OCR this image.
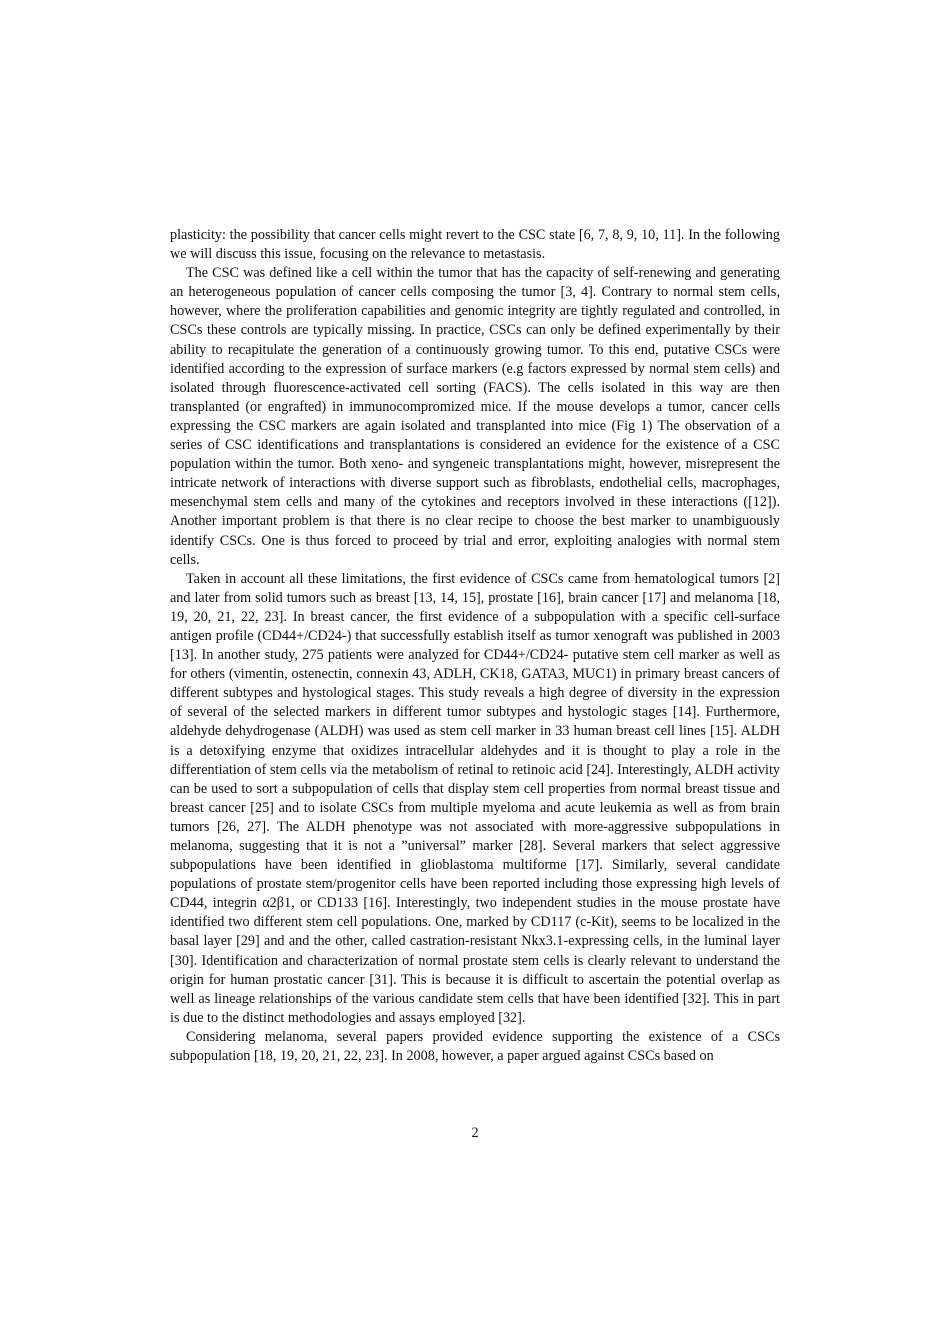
plasticity: the possibility that cancer cells might revert to the CSC state [6, 7, 8, 9, 10, 11]. In the following we will discuss this issue, focusing on the relevance to metastasis.

The CSC was defined like a cell within the tumor that has the capacity of self-renewing and generating an heterogeneous population of cancer cells composing the tumor [3, 4]. Contrary to normal stem cells, however, where the proliferation capabilities and genomic integrity are tightly regulated and controlled, in CSCs these controls are typically missing. In practice, CSCs can only be defined experimentally by their ability to recapitulate the generation of a continuously growing tumor. To this end, putative CSCs were identified according to the expression of surface markers (e.g factors expressed by normal stem cells) and isolated through fluorescence-activated cell sorting (FACS). The cells isolated in this way are then transplanted (or engrafted) in immunocompromized mice. If the mouse develops a tumor, cancer cells expressing the CSC markers are again isolated and transplanted into mice (Fig 1) The observation of a series of CSC identifications and transplantations is considered an evidence for the existence of a CSC population within the tumor. Both xeno- and syngeneic transplantations might, however, misrepresent the intricate network of interactions with diverse support such as fibroblasts, endothelial cells, macrophages, mesenchymal stem cells and many of the cytokines and receptors involved in these interactions ([12]). Another important problem is that there is no clear recipe to choose the best marker to unambiguously identify CSCs. One is thus forced to proceed by trial and error, exploiting analogies with normal stem cells.

Taken in account all these limitations, the first evidence of CSCs came from hematological tumors [2] and later from solid tumors such as breast [13, 14, 15], prostate [16], brain cancer [17] and melanoma [18, 19, 20, 21, 22, 23]. In breast cancer, the first evidence of a subpopulation with a specific cell-surface antigen profile (CD44+/CD24-) that successfully establish itself as tumor xenograft was published in 2003 [13]. In another study, 275 patients were analyzed for CD44+/CD24- putative stem cell marker as well as for others (vimentin, ostenectin, connexin 43, ADLH, CK18, GATA3, MUC1) in primary breast cancers of different subtypes and hystological stages. This study reveals a high degree of diversity in the expression of several of the selected markers in different tumor subtypes and hystologic stages [14]. Furthermore, aldehyde dehydrogenase (ALDH) was used as stem cell marker in 33 human breast cell lines [15]. ALDH is a detoxifying enzyme that oxidizes intracellular aldehydes and it is thought to play a role in the differentiation of stem cells via the metabolism of retinal to retinoic acid [24]. Interestingly, ALDH activity can be used to sort a subpopulation of cells that display stem cell properties from normal breast tissue and breast cancer [25] and to isolate CSCs from multiple myeloma and acute leukemia as well as from brain tumors [26, 27]. The ALDH phenotype was not associated with more-aggressive subpopulations in melanoma, suggesting that it is not a ”universal” marker [28]. Several markers that select aggressive subpopulations have been identified in glioblastoma multiforme [17]. Similarly, several candidate populations of prostate stem/progenitor cells have been reported including those expressing high levels of CD44, integrin α2β1, or CD133 [16]. Interestingly, two independent studies in the mouse prostate have identified two different stem cell populations. One, marked by CD117 (c-Kit), seems to be localized in the basal layer [29] and and the other, called castration-resistant Nkx3.1-expressing cells, in the luminal layer [30]. Identification and characterization of normal prostate stem cells is clearly relevant to understand the origin for human prostatic cancer [31]. This is because it is difficult to ascertain the potential overlap as well as lineage relationships of the various candidate stem cells that have been identified [32]. This in part is due to the distinct methodologies and assays employed [32].

Considering melanoma, several papers provided evidence supporting the existence of a CSCs subpopulation [18, 19, 20, 21, 22, 23]. In 2008, however, a paper argued against CSCs based on

2
